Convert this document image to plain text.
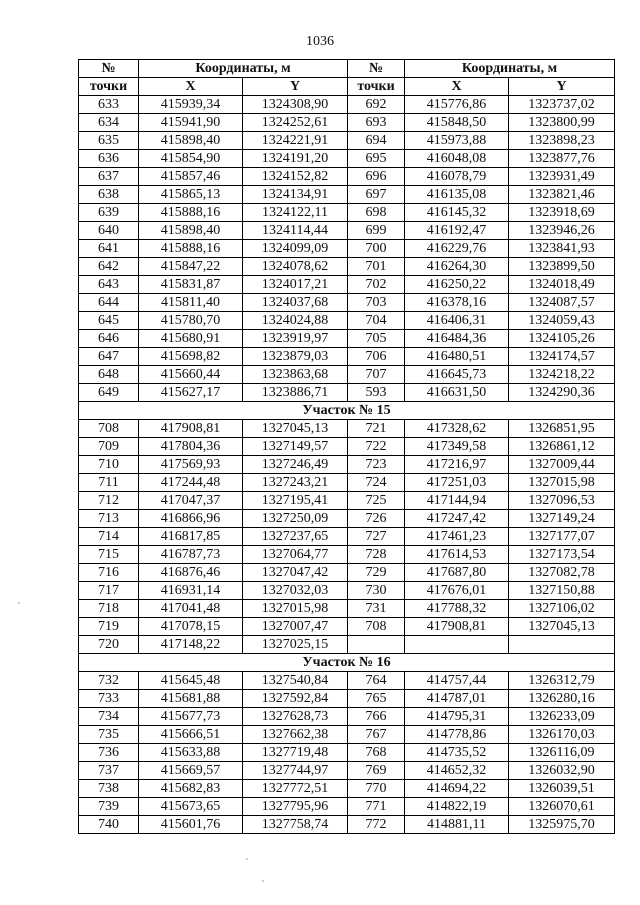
1036
№	Координаты, м		№	Координаты, м	
точки	X	Y	точки	X	Y
633	415939,34	1324308,90	692	415776,86	1323737,02
634	415941,90	1324252,61	693	415848,50	1323800,99
635	415898,40	1324221,91	694	415973,88	1323898,23
636	415854,90	1324191,20	695	416048,08	1323877,76
637	415857,46	1324152,82	696	416078,79	1323931,49
638	415865,13	1324134,91	697	416135,08	1323821,46
639	415888,16	1324122,11	698	416145,32	1323918,69
640	415898,40	1324114,44	699	416192,47	1323946,26
641	415888,16	1324099,09	700	416229,76	1323841,93
642	415847,22	1324078,62	701	416264,30	1323899,50
643	415831,87	1324017,21	702	416250,22	1324018,49
644	415811,40	1324037,68	703	416378,16	1324087,57
645	415780,70	1324024,88	704	416406,31	1324059,43
646	415680,91	1323919,97	705	416484,36	1324105,26
647	415698,82	1323879,03	706	416480,51	1324174,57
648	415660,44	1323863,68	707	416645,73	1324218,22
649	415627,17	1323886,71	593	416631,50	1324290,36
Участок № 15					
708	417908,81	1327045,13	721	417328,62	1326851,95
709	417804,36	1327149,57	722	417349,58	1326861,12
710	417569,93	1327246,49	723	417216,97	1327009,44
711	417244,48	1327243,21	724	417251,03	1327015,98
712	417047,37	1327195,41	725	417144,94	1327096,53
713	416866,96	1327250,09	726	417247,42	1327149,24
714	416817,85	1327237,65	727	417461,23	1327177,07
715	416787,73	1327064,77	728	417614,53	1327173,54
716	416876,46	1327047,42	729	417687,80	1327082,78
717	416931,14	1327032,03	730	417676,01	1327150,88
718	417041,48	1327015,98	731	417788,32	1327106,02
719	417078,15	1327007,47	708	417908,81	1327045,13
720	417148,22	1327025,15			
Участок № 16					
732	415645,48	1327540,84	764	414757,44	1326312,79
733	415681,88	1327592,84	765	414787,01	1326280,16
734	415677,73	1327628,73	766	414795,31	1326233,09
735	415666,51	1327662,38	767	414778,86	1326170,03
736	415633,88	1327719,48	768	414735,52	1326116,09
737	415669,57	1327744,97	769	414652,32	1326032,90
738	415682,83	1327772,51	770	414694,22	1326039,51
739	415673,65	1327795,96	771	414822,19	1326070,61
740	415601,76	1327758,74	772	414881,11	1325975,70
